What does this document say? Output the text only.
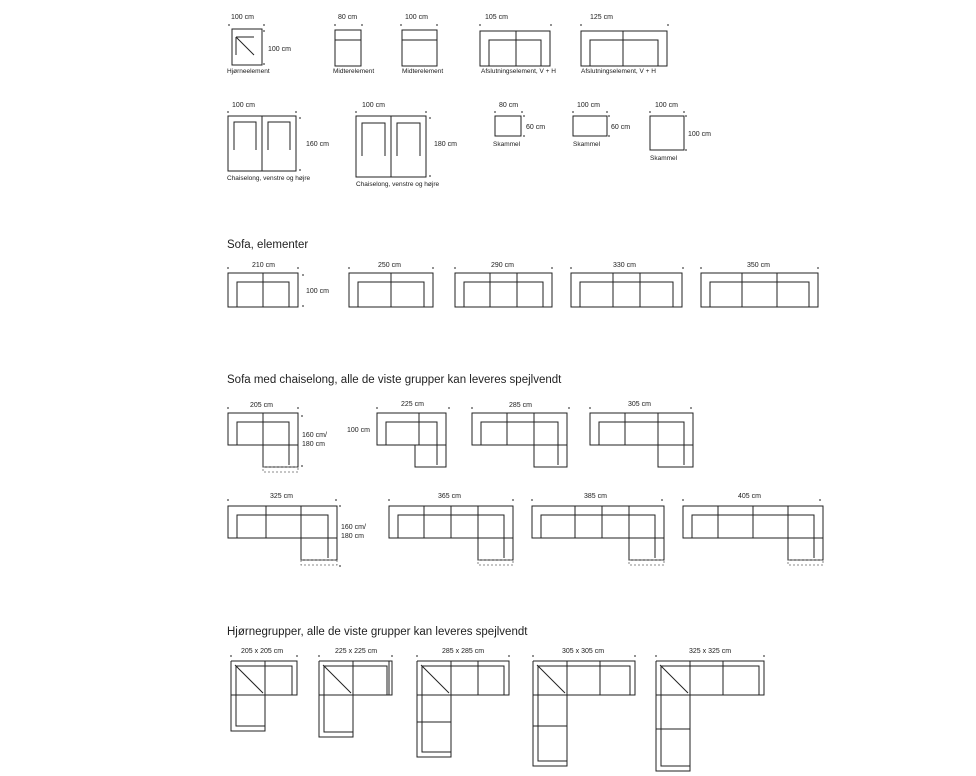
100 cm
100 cm
Hjørneelement
80 cm
Midterelement
100 cm
Midterelement
105 cm
Afslutningselement, V + H
125 cm
Afslutningselement, V + H
100 cm
160 cm
Chaiselong, venstre og højre
100 cm
180 cm
Chaiselong, venstre og højre
80 cm
60 cm
Skammel
100 cm
60 cm
Skammel
100 cm
100 cm
Skammel
Sofa, elementer
210 cm
100 cm
250 cm	290 cm	330 cm	350 cm
Sofa med chaiselong, alle de viste grupper kan leveres spejlvendt
205 cm
160 cm/
180 cm
100 cm
225 cm	285 cm	305 cm
325 cm
160 cm/
180 cm
365 cm	385 cm	405 cm
Hjørnegrupper, alle de viste grupper kan leveres spejlvendt
205 x 205 cm	225 x 225 cm	285 x 285 cm	305 x 305 cm	325 x 325 cm
